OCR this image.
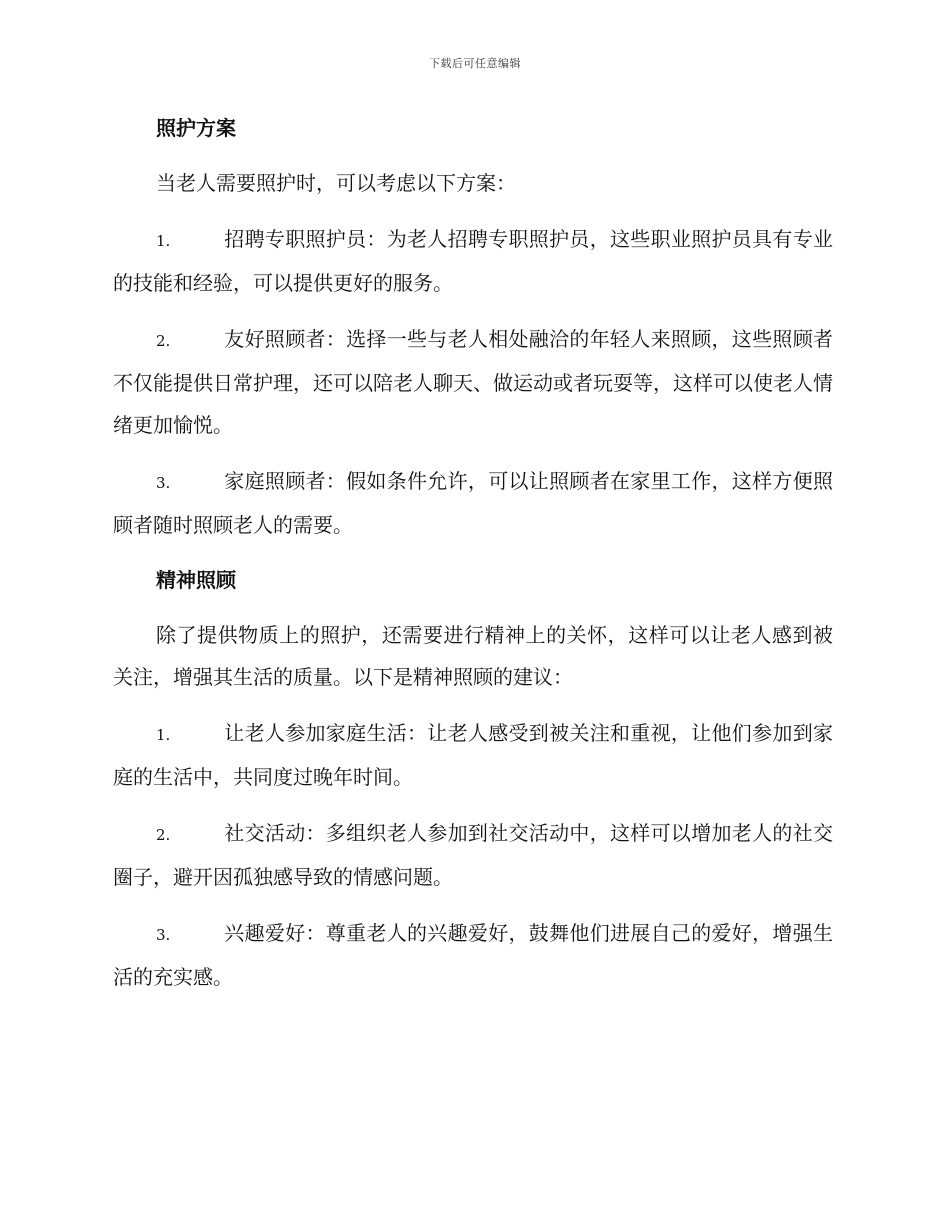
下载后可任意编辑
照护方案

当老人需要照护时，可以考虑以下方案：

1.	招聘专职照护员：为老人招聘专职照护员，这些职业照护员具有专业的技能和经验，可以提供更好的服务。

2.	友好照顾者：选择一些与老人相处融洽的年轻人来照顾，这些照顾者不仅能提供日常护理，还可以陪老人聊天、做运动或者玩耍等，这样可以使老人情绪更加愉悦。

3.	家庭照顾者：假如条件允许，可以让照顾者在家里工作，这样方便照顾者随时照顾老人的需要。

精神照顾

除了提供物质上的照护，还需要进行精神上的关怀，这样可以让老人感到被关注，增强其生活的质量。以下是精神照顾的建议：

1.	让老人参加家庭生活：让老人感受到被关注和重视，让他们参加到家庭的生活中，共同度过晚年时间。

2.	社交活动：多组织老人参加到社交活动中，这样可以增加老人的社交圈子，避开因孤独感导致的情感问题。

3.	兴趣爱好：尊重老人的兴趣爱好，鼓舞他们进展自己的爱好，增强生活的充实感。
